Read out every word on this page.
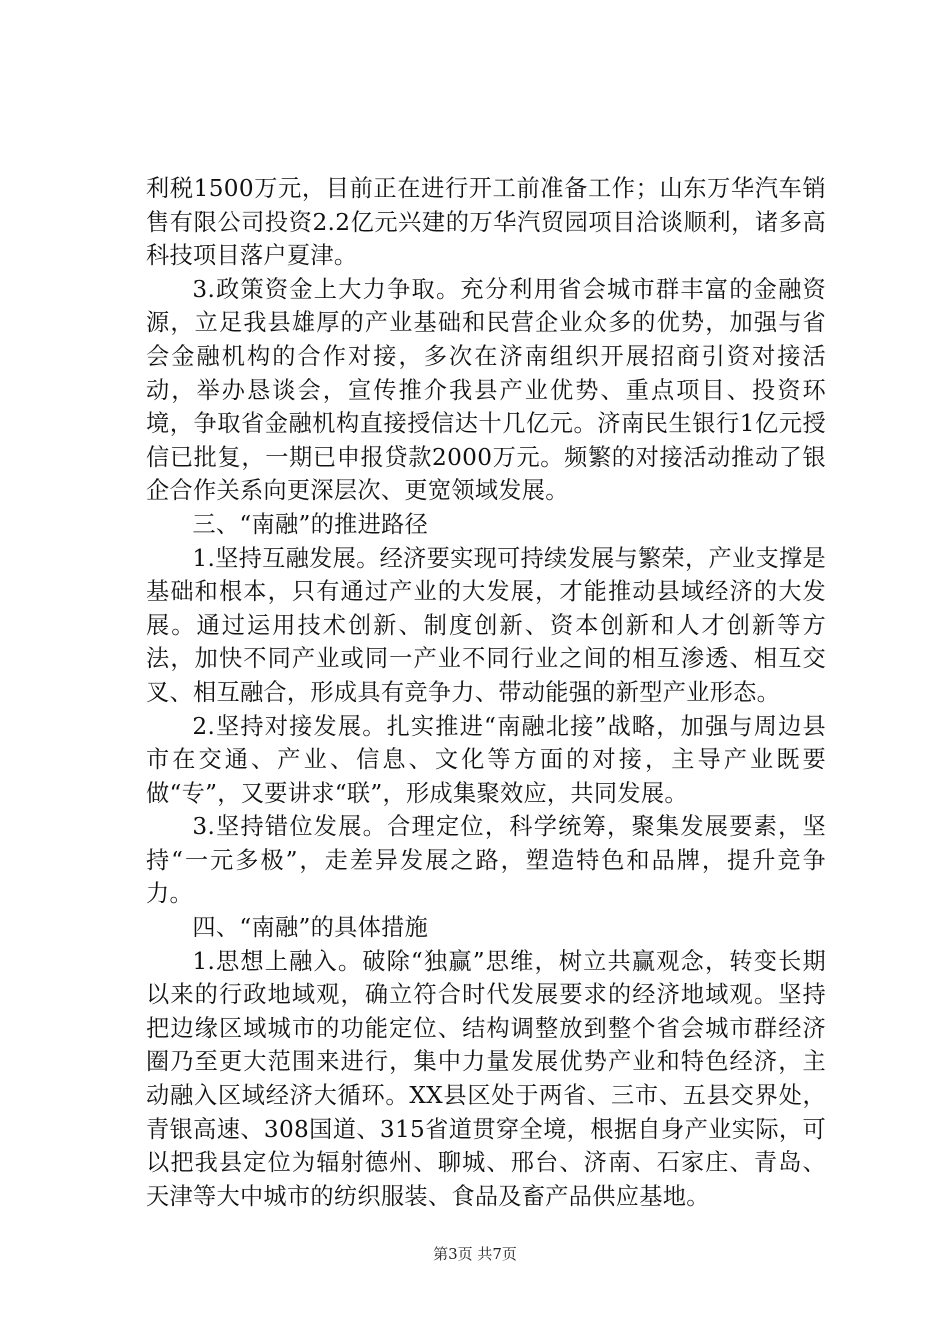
利税1500万元，目前正在进行开工前准备工作；山东万华汽车销售有限公司投资2.2亿元兴建的万华汽贸园项目洽谈顺利，诸多高科技项目落户夏津。

3.政策资金上大力争取。充分利用省会城市群丰富的金融资源，立足我县雄厚的产业基础和民营企业众多的优势，加强与省会金融机构的合作对接，多次在济南组织开展招商引资对接活动，举办恳谈会，宣传推介我县产业优势、重点项目、投资环境，争取省金融机构直接授信达十几亿元。济南民生银行1亿元授信已批复，一期已申报贷款2000万元。频繁的对接活动推动了银企合作关系向更深层次、更宽领域发展。

三、“南融”的推进路径

1.坚持互融发展。经济要实现可持续发展与繁荣，产业支撑是基础和根本，只有通过产业的大发展，才能推动县域经济的大发展。通过运用技术创新、制度创新、资本创新和人才创新等方法，加快不同产业或同一产业不同行业之间的相互渗透、相互交叉、相互融合，形成具有竞争力、带动能强的新型产业形态。

2.坚持对接发展。扎实推进“南融北接”战略，加强与周边县市在交通、产业、信息、文化等方面的对接，主导产业既要做“专”，又要讲求“联”，形成集聚效应，共同发展。

3.坚持错位发展。合理定位，科学统筹，聚集发展要素，坚持“一元多极”，走差异发展之路，塑造特色和品牌，提升竞争力。

四、“南融”的具体措施

1.思想上融入。破除“独赢”思维，树立共赢观念，转变长期以来的行政地域观，确立符合时代发展要求的经济地域观。坚持把边缘区域城市的功能定位、结构调整放到整个省会城市群经济圈乃至更大范围来进行，集中力量发展优势产业和特色经济，主动融入区域经济大循环。XX县区处于两省、三市、五县交界处，青银高速、308国道、315省道贯穿全境，根据自身产业实际，可以把我县定位为辐射德州、聊城、邢台、济南、石家庄、青岛、天津等大中城市的纺织服装、食品及畜产品供应基地。

第3页 共7页
